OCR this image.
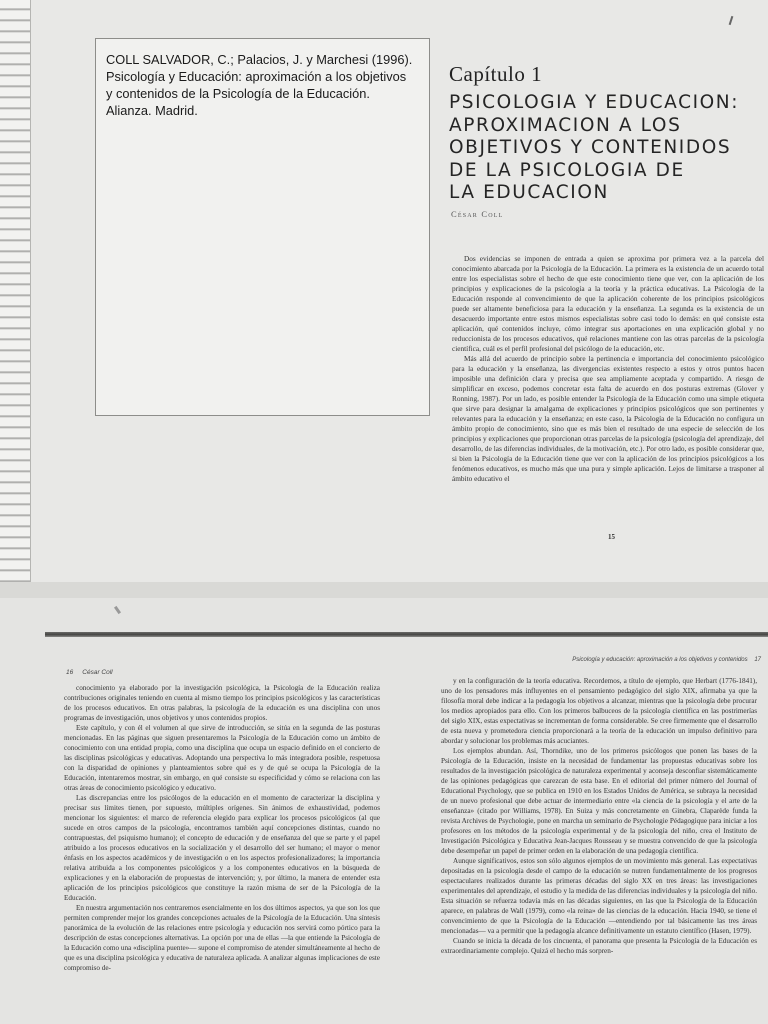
COLL SALVADOR, C.; Palacios, J. y Marchesi (1996).

Psicología y Educación: aproximación a los objetivos

y contenidos de la Psicología de la Educación.

Alianza. Madrid.

Capítulo 1
PSICOLOGIA Y EDUCACION:
APROXIMACION A LOS
OBJETIVOS Y CONTENIDOS
DE LA PSICOLOGIA DE
LA EDUCACION
César Coll

Dos evidencias se imponen de entrada a quien se aproxima por primera vez a la parcela del conocimiento abarcada por la Psicología de la Educación. La primera es la existencia de un acuerdo total entre los especialistas sobre el hecho de que este conocimiento tiene que ver, con la aplicación de los principios y explicaciones de la psicología a la teoría y la práctica educativas. La Psicología de la Educación responde al convencimiento de que la aplicación coherente de los principios psicológicos puede ser altamente beneficiosa para la educación y la enseñanza. La segunda es la existencia de un desacuerdo importante entre estos mismos especialistas sobre casi todo lo demás: en qué consiste esta aplicación, qué contenidos incluye, cómo integrar sus aportaciones en una explicación global y no reduccionista de los procesos educativos, qué relaciones mantiene con las otras parcelas de la psicología científica, cuál es el perfil profesional del psicólogo de la educación, etc.

Más allá del acuerdo de principio sobre la pertinencia e importancia del conocimiento psicológico para la educación y la enseñanza, las divergencias existentes respecto a estos y otros puntos hacen imposible una definición clara y precisa que sea ampliamente aceptada y compartido. A riesgo de simplificar en exceso, podemos concretar esta falta de acuerdo en dos posturas extremas (Glover y Ronning, 1987). Por un lado, es posible entender la Psicología de la Educación como una simple etiqueta que sirve para designar la amalgama de explicaciones y principios psicológicos que son pertinentes y relevantes para la educación y la enseñanza; en este caso, la Psicología de la Educación no configura un ámbito propio de conocimiento, sino que es más bien el resultado de una especie de selección de los principios y explicaciones que proporcionan otras parcelas de la psicología (psicología del aprendizaje, del desarrollo, de las diferencias individuales, de la motivación, etc.). Por otro lado, es posible considerar que, si bien la Psicología de la Educación tiene que ver con la aplicación de los principios psicológicos a los fenómenos educativos, es mucho más que una pura y simple aplicación. Lejos de limitarse a trasponer al ámbito educativo el

15
16 César Coll
Psicología y educación: aproximación a los objetivos y contenidos 17

conocimiento ya elaborado por la investigación psicológica, la Psicología de la Educación realiza contribuciones originales teniendo en cuenta al mismo tiempo los principios psicológicos y las características de los procesos educativos. En otras palabras, la psicología de la educación es una disciplina con unos programas de investigación, unos objetivos y unos contenidos propios.

Este capítulo, y con él el volumen al que sirve de introducción, se sitúa en la segunda de las posturas mencionadas. En las páginas que siguen presentaremos la Psicología de la Educación como un ámbito de conocimiento con una entidad propia, como una disciplina que ocupa un espacio definido en el concierto de las disciplinas psicológicas y educativas. Adoptando una perspectiva lo más integradora posible, respetuosa con la disparidad de opiniones y planteamientos sobre qué es y de qué se ocupa la Psicología de la Educación, intentaremos mostrar, sin embargo, en qué consiste su especificidad y cómo se relaciona con las otras áreas de conocimiento psicológico y educativo.

Las discrepancias entre los psicólogos de la educación en el momento de caracterizar la disciplina y precisar sus límites tienen, por supuesto, múltiples orígenes. Sin ánimos de exhaustividad, podemos mencionar los siguientes: el marco de referencia elegido para explicar los procesos psicológicos (al que sucede en otros campos de la psicología, encontramos también aquí concepciones distintas, cuando no contrapuestas, del psiquismo humano); el concepto de educación y de enseñanza del que se parte y el papel atribuido a los procesos educativos en la socialización y el desarrollo del ser humano; el mayor o menor énfasis en los aspectos académicos y de investigación o en los aspectos profesionalizadores; la importancia relativa atribuida a los componentes psicológicos y a los componentes educativos en la búsqueda de explicaciones y en la elaboración de propuestas de intervención; y, por último, la manera de entender esta aplicación de los principios psicológicos que constituye la razón misma de ser de la Psicología de la Educación.

En nuestra argumentación nos centraremos esencialmente en los dos últimos aspectos, ya que son los que permiten comprender mejor los grandes concepciones actuales de la Psicología de la Educación. Una síntesis panorámica de la evolución de las relaciones entre psicología y educación nos servirá como pórtico para la descripción de estas concepciones alternativas. La opción por una de ellas —la que entiende la Psicología de la Educación como una «disciplina puente»— supone el compromiso de atender simultáneamente al hecho de que es una disciplina psicológica y educativa de naturaleza aplicada. A analizar algunas implicaciones de este compromiso de-

y en la configuración de la teoría educativa. Recordemos, a título de ejemplo, que Herbart (1776-1841), uno de los pensadores más influyentes en el pensamiento pedagógico del siglo XIX, afirmaba ya que la filosofía moral debe indicar a la pedagogía los objetivos a alcanzar, mientras que la psicología debe procurar los medios apropiados para ello. Con los primeros balbuceos de la psicología científica en las postrimerías del siglo XIX, estas expectativas se incrementan de forma considerable. Se cree firmemente que el desarrollo de esta nueva y prometedora ciencia proporcionará a la teoría de la educación un impulso definitivo para abordar y solucionar los problemas más acuciantes.

Los ejemplos abundan. Así, Thorndike, uno de los primeros psicólogos que ponen las bases de la Psicología de la Educación, insiste en la necesidad de fundamentar las propuestas educativas sobre los resultados de la investigación psicológica de naturaleza experimental y aconseja desconfiar sistemáticamente de las opiniones pedagógicas que carezcan de esta base. En el editorial del primer número del Journal of Educational Psychology, que se publica en 1910 en los Estados Unidos de América, se subraya la necesidad de un nuevo profesional que debe actuar de intermediario entre «la ciencia de la psicología y el arte de la enseñanza» (citado por Williams, 1978). En Suiza y más concretamente en Ginebra, Claparède funda la revista Archives de Psychologie, pone en marcha un seminario de Psychologie Pédagogique para iniciar a los profesores en los métodos de la psicología experimental y de la psicología del niño, crea el Instituto de Investigación Psicológica y Educativa Jean-Jacques Rousseau y se muestra convencido de que la psicología debe desempeñar un papel de primer orden en la elaboración de una pedagogía científica.

Aunque significativos, estos son sólo algunos ejemplos de un movimiento más general. Las expectativas depositadas en la psicología desde el campo de la educación se nutren fundamentalmente de los progresos espectaculares realizados durante las primeras décadas del siglo XX en tres áreas: las investigaciones experimentales del aprendizaje, el estudio y la medida de las diferencias individuales y la psicología del niño. Esta situación se refuerza todavía más en las décadas siguientes, en las que la Psicología de la Educación aparece, en palabras de Wall (1979), como «la reina» de las ciencias de la educación. Hacia 1940, se tiene el convencimiento de que la Psicología de la Educación —entendiendo por tal básicamente las tres áreas mencionadas— va a permitir que la pedagogía alcance definitivamente un estatuto científico (Hasen, 1979).

Cuando se inicia la década de los cincuenta, el panorama que presenta la Psicología de la Educación es extraordinariamente complejo. Quizá el hecho más sorpren-
